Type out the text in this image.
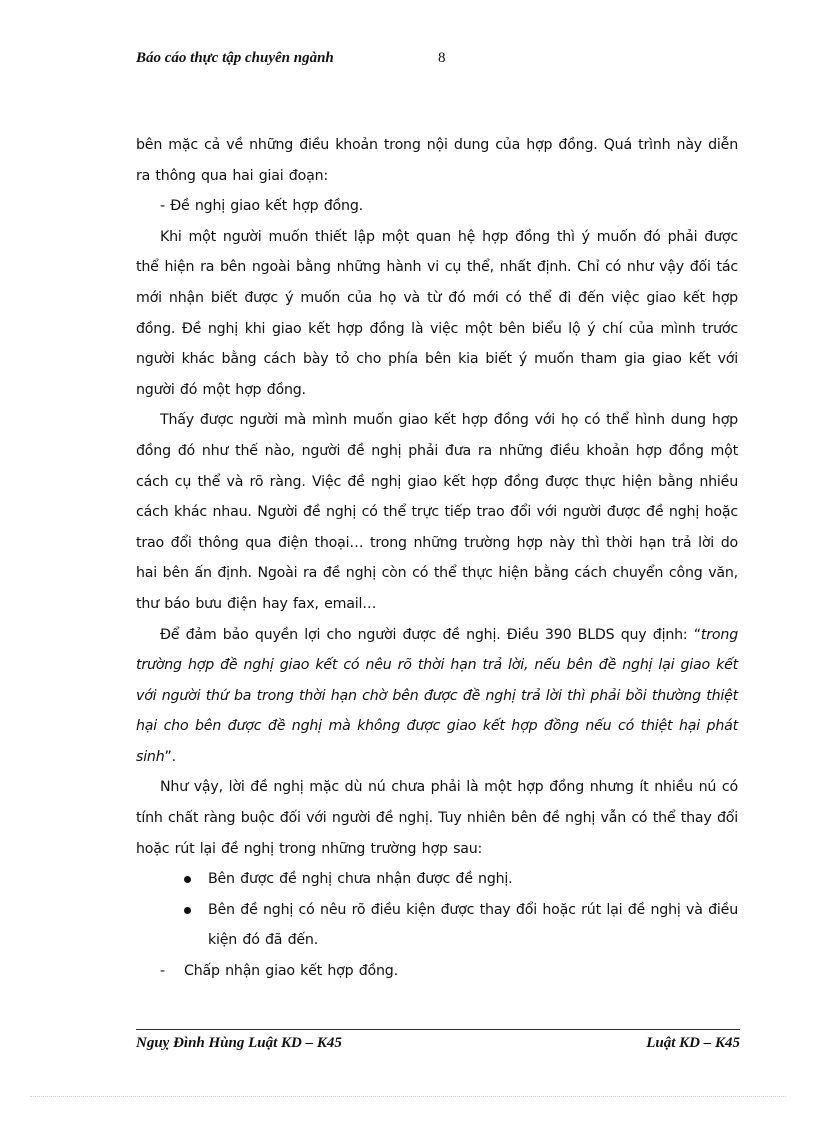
Báo cáo thực tập chuyên ngành	8

bên mặc cả về những điều khoản trong nội dung của hợp đồng. Quá trình này diễn ra thông qua hai giai đoạn:

- Đề nghị giao kết hợp đồng.

Khi một người muốn thiết lập một quan hệ hợp đồng thì ý muốn đó phải được thể hiện ra bên ngoài bằng những hành vi cụ thể, nhất định. Chỉ có như vậy đối tác mới nhận biết được ý muốn của họ và từ đó mới có thể đi đến việc giao kết hợp đồng. Đề nghị khi giao kết hợp đồng là việc một bên biểu lộ ý chí của mình trước người khác bằng cách bày tỏ cho phía bên kia biết ý muốn tham gia giao kết với người đó một hợp đồng.

Thấy được người mà mình muốn giao kết hợp đồng với họ có thể hình dung hợp đồng đó như thế nào, người đề nghị phải đưa ra những điều khoản hợp đồng một cách cụ thể và rõ ràng. Việc đề nghị giao kết hợp đồng được thực hiện bằng nhiều cách khác nhau. Người đề nghị có thể trực tiếp trao đổi với người được đề nghị hoặc trao đổi thông qua điện thoại… trong những trường hợp này thì thời hạn trả lời do hai bên ấn định. Ngoài ra đề nghị còn có thể thực hiện bằng cách chuyển công văn, thư báo bưu điện hay fax, email…

Để đảm bảo quyền lợi cho người được đề nghị. Điều 390 BLDS quy định: “trong trường hợp đề nghị giao kết có nêu rõ thời hạn trả lời, nếu bên đề nghị lại giao kết với người thứ ba trong thời hạn chờ bên được đề nghị trả lời thì phải bồi thường thiệt hại cho bên được đề nghị mà không được giao kết hợp đồng nếu có thiệt hại phát sinh”.

Như vậy, lời đề nghị mặc dù nú chưa phải là một hợp đồng nhưng ít nhiều nú có tính chất ràng buộc đối với người đề nghị. Tuy nhiên bên đề nghị vẫn có thể thay đổi hoặc rút lại đề nghị trong những trường hợp sau:

Bên được đề nghị chưa nhận được đề nghị.
Bên đề nghị có nêu rõ điều kiện được thay đổi hoặc rút lại đề nghị và điều kiện đó đã đến.

- Chấp nhận giao kết hợp đồng.

Nguỵ Đình Hùng Luật KD – K45	Luật KD – K45
